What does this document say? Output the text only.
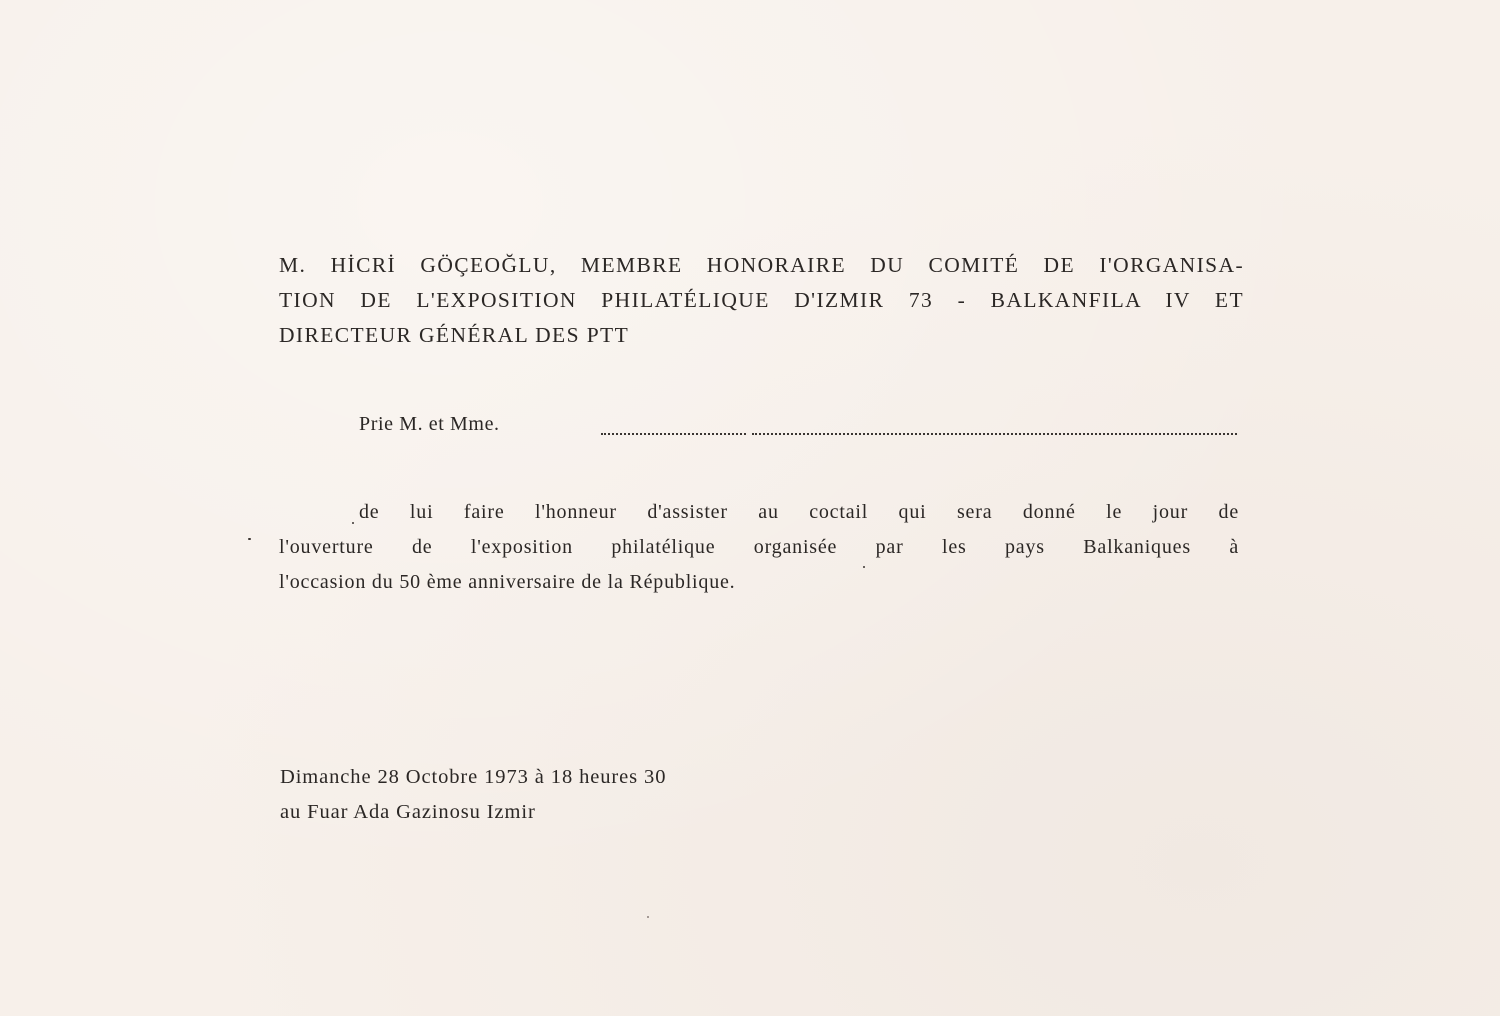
M. HİCRİ GÖÇEOĞLU, MEMBRE HONORAIRE DU COMITÉ DE I'ORGANISA-
TION DE L'EXPOSITION PHILATÉLIQUE D'IZMIR 73 - BALKANFILA IV ET
DIRECTEUR GÉNÉRAL DES PTT
Prie M. et Mme.
de lui faire l'honneur d'assister au coctail qui sera donné le jour de
l'ouverture de l'exposition philatélique organisée par les pays Balkaniques à
l'occasion du 50 ème anniversaire de la République.
Dimanche 28 Octobre 1973 à 18 heures 30
au Fuar Ada Gazinosu Izmir
